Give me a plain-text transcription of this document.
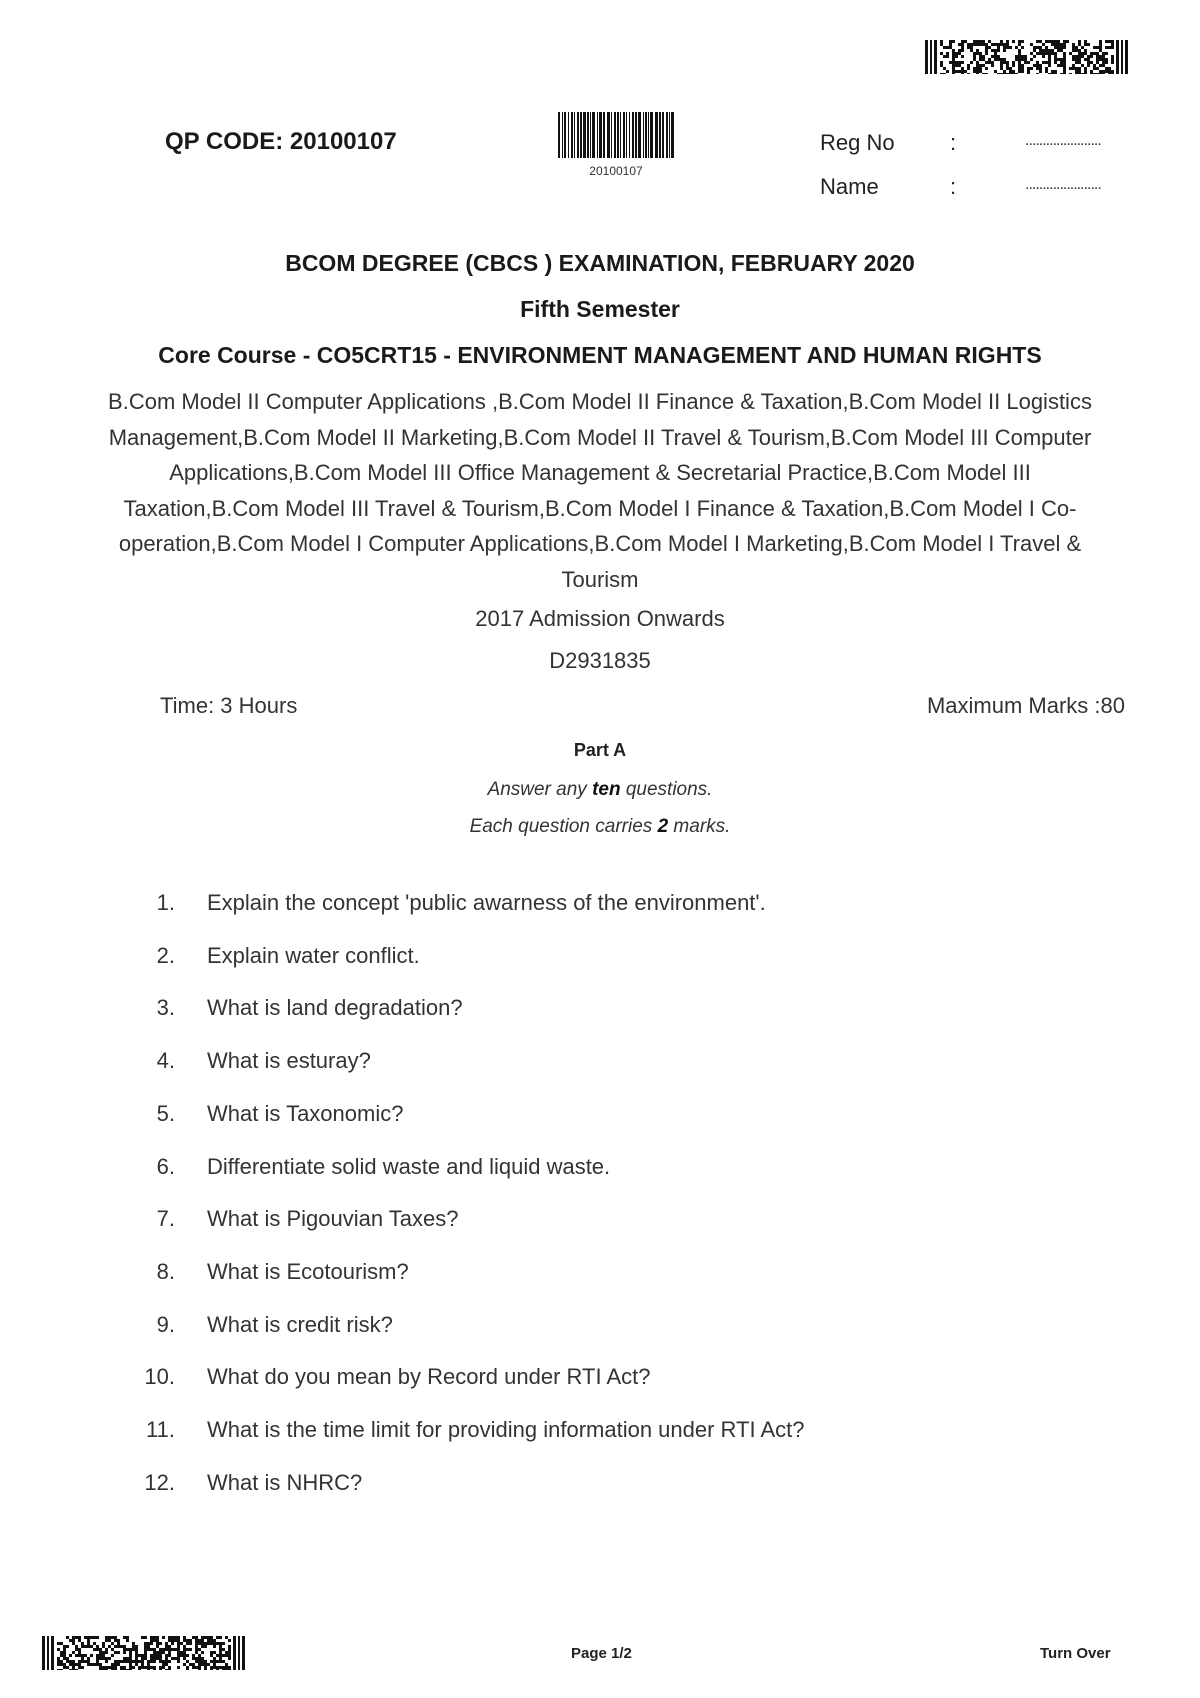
QP CODE: 20100107
20100107
Reg No	:	......................
Name	:	......................
BCOM DEGREE (CBCS ) EXAMINATION, FEBRUARY 2020
Fifth Semester
Core Course - CO5CRT15 - ENVIRONMENT MANAGEMENT AND HUMAN RIGHTS
B.Com Model II Computer Applications ,B.Com Model II Finance & Taxation,B.Com Model II Logistics Management,B.Com Model II Marketing,B.Com Model II Travel & Tourism,B.Com Model III Computer Applications,B.Com Model III Office Management & Secretarial Practice,B.Com Model III Taxation,B.Com Model III Travel & Tourism,B.Com Model I Finance & Taxation,B.Com Model I Co-operation,B.Com Model I Computer Applications,B.Com Model I Marketing,B.Com Model I Travel & Tourism
2017 Admission Onwards
D2931835
Time: 3 Hours	Maximum Marks :80
Part A
Answer any ten questions.
Each question carries 2 marks.
1. Explain the concept 'public awarness of the environment'.
2. Explain water conflict.
3. What is land degradation?
4. What is esturay?
5. What is Taxonomic?
6. Differentiate solid waste and liquid waste.
7. What is Pigouvian Taxes?
8. What is Ecotourism?
9. What is credit risk?
10. What do you mean by Record under RTI Act?
11. What is the time limit for providing information under RTI Act?
12. What is NHRC?
Page 1/2	Turn Over
